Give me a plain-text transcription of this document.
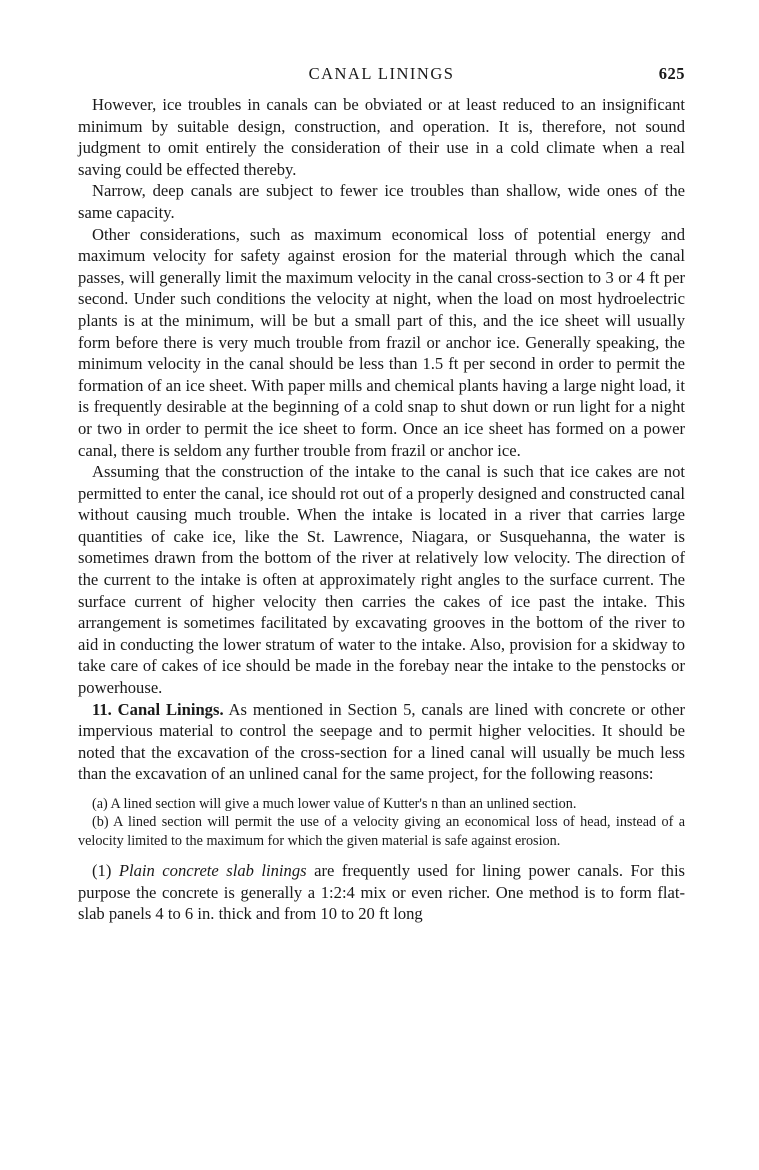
CANAL LININGS	625

However, ice troubles in canals can be obviated or at least reduced to an insignificant minimum by suitable design, construction, and operation. It is, therefore, not sound judgment to omit entirely the consideration of their use in a cold climate when a real saving could be effected thereby.

Narrow, deep canals are subject to fewer ice troubles than shallow, wide ones of the same capacity.

Other considerations, such as maximum economical loss of potential energy and maximum velocity for safety against erosion for the material through which the canal passes, will generally limit the maximum velocity in the canal cross-section to 3 or 4 ft per second. Under such conditions the velocity at night, when the load on most hydroelectric plants is at the minimum, will be but a small part of this, and the ice sheet will usually form before there is very much trouble from frazil or anchor ice. Generally speaking, the minimum velocity in the canal should be less than 1.5 ft per second in order to permit the formation of an ice sheet. With paper mills and chemical plants having a large night load, it is frequently desirable at the beginning of a cold snap to shut down or run light for a night or two in order to permit the ice sheet to form. Once an ice sheet has formed on a power canal, there is seldom any further trouble from frazil or anchor ice.

Assuming that the construction of the intake to the canal is such that ice cakes are not permitted to enter the canal, ice should rot out of a properly designed and constructed canal without causing much trouble. When the intake is located in a river that carries large quantities of cake ice, like the St. Lawrence, Niagara, or Susquehanna, the water is sometimes drawn from the bottom of the river at relatively low velocity. The direction of the current to the intake is often at approximately right angles to the surface current. The surface current of higher velocity then carries the cakes of ice past the intake. This arrangement is sometimes facilitated by excavating grooves in the bottom of the river to aid in conducting the lower stratum of water to the intake. Also, provision for a skidway to take care of cakes of ice should be made in the forebay near the intake to the penstocks or powerhouse.

11. Canal Linings. As mentioned in Section 5, canals are lined with concrete or other impervious material to control the seepage and to permit higher velocities. It should be noted that the excavation of the cross-section for a lined canal will usually be much less than the excavation of an unlined canal for the same project, for the following reasons:

(a) A lined section will give a much lower value of Kutter's n than an unlined section.

(b) A lined section will permit the use of a velocity giving an economical loss of head, instead of a velocity limited to the maximum for which the given material is safe against erosion.

(1) Plain concrete slab linings are frequently used for lining power canals. For this purpose the concrete is generally a 1:2:4 mix or even richer. One method is to form flat-slab panels 4 to 6 in. thick and from 10 to 20 ft long
